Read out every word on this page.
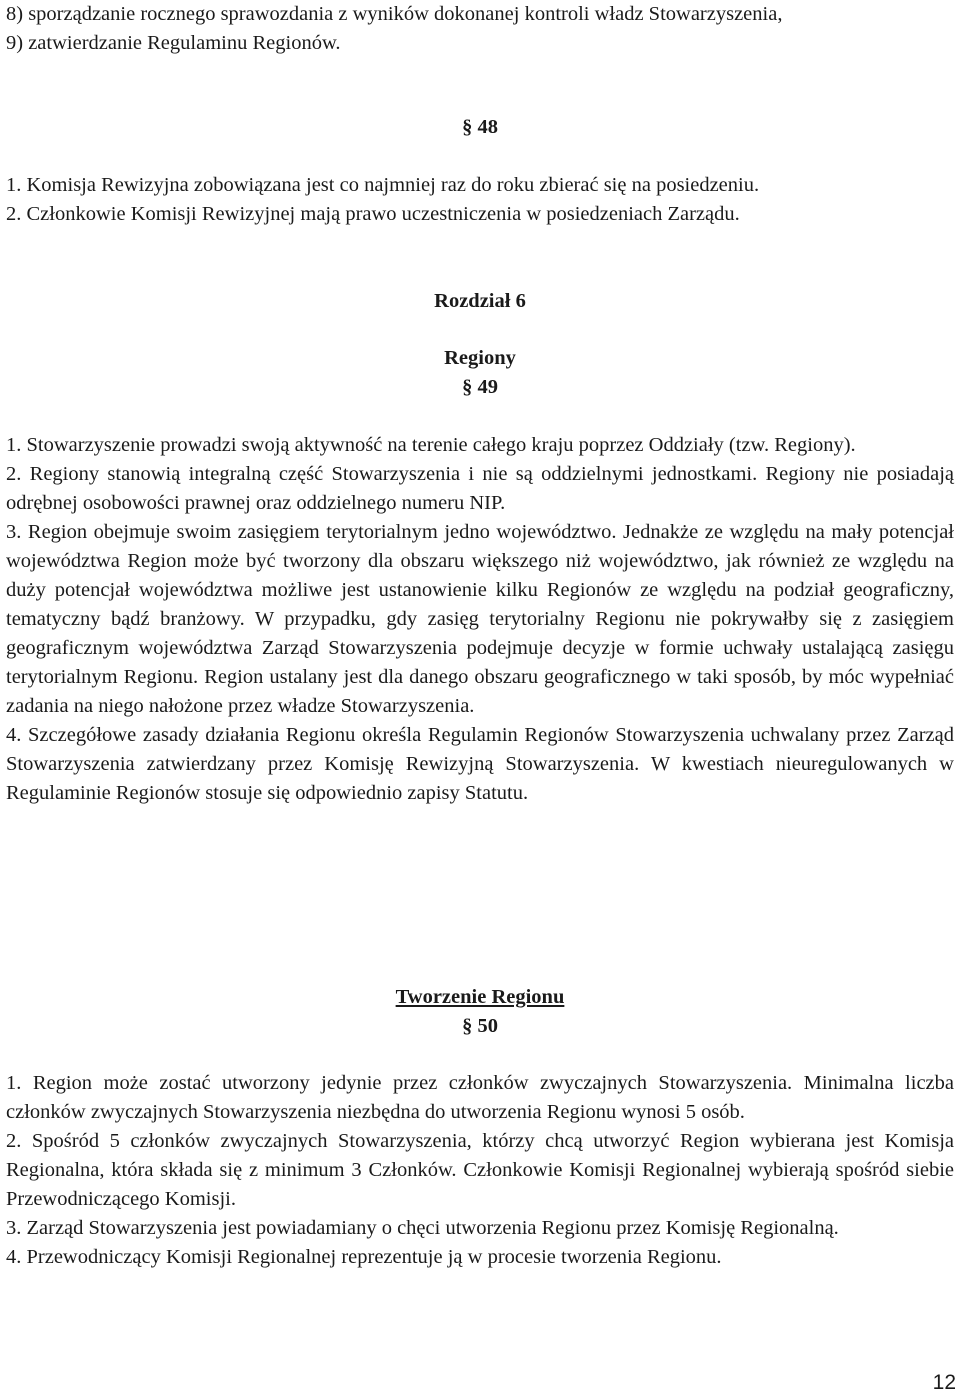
8) sporządzanie rocznego sprawozdania z wyników dokonanej kontroli władz Stowarzyszenia,

9) zatwierdzanie Regulaminu Regionów.

§ 48

1. Komisja Rewizyjna zobowiązana jest co najmniej raz do roku zbierać się na posiedzeniu.

2. Członkowie Komisji Rewizyjnej mają prawo uczestniczenia w posiedzeniach Zarządu.

Rozdział 6

Regiony

§ 49

1. Stowarzyszenie prowadzi swoją aktywność na terenie całego kraju poprzez Oddziały (tzw. Regiony).

2. Regiony stanowią integralną część Stowarzyszenia i nie są oddzielnymi jednostkami. Regiony nie posiadają odrębnej osobowości prawnej oraz oddzielnego numeru NIP.

3. Region obejmuje swoim zasięgiem terytorialnym jedno województwo. Jednakże ze względu na mały potencjał województwa Region może być tworzony dla obszaru większego niż województwo, jak również ze względu na duży potencjał województwa możliwe jest ustanowienie kilku Regionów ze względu na podział geograficzny, tematyczny bądź branżowy. W przypadku, gdy zasięg terytorialny Regionu nie pokrywałby się z zasięgiem geograficznym województwa Zarząd Stowarzyszenia podejmuje decyzje w formie uchwały ustalającą zasięgu terytorialnym Regionu. Region ustalany jest dla danego obszaru geograficznego w taki sposób, by móc wypełniać zadania na niego nałożone przez władze Stowarzyszenia.

4. Szczegółowe zasady działania Regionu określa Regulamin Regionów Stowarzyszenia uchwalany przez Zarząd Stowarzyszenia zatwierdzany przez Komisję Rewizyjną Stowarzyszenia. W kwestiach nieuregulowanych w Regulaminie Regionów stosuje się odpowiednio zapisy Statutu.

Tworzenie Regionu

§ 50

1. Region może zostać utworzony jedynie przez członków zwyczajnych Stowarzyszenia. Minimalna liczba członków zwyczajnych Stowarzyszenia niezbędna do utworzenia Regionu wynosi 5 osób.

2. Spośród 5 członków zwyczajnych Stowarzyszenia, którzy chcą utworzyć Region wybierana jest Komisja Regionalna, która składa się z minimum 3 Członków. Członkowie Komisji Regionalnej wybierają spośród siebie Przewodniczącego Komisji.

3. Zarząd Stowarzyszenia jest powiadamiany o chęci utworzenia Regionu przez Komisję Regionalną.

4. Przewodniczący Komisji Regionalnej reprezentuje ją w procesie tworzenia Regionu.

12
